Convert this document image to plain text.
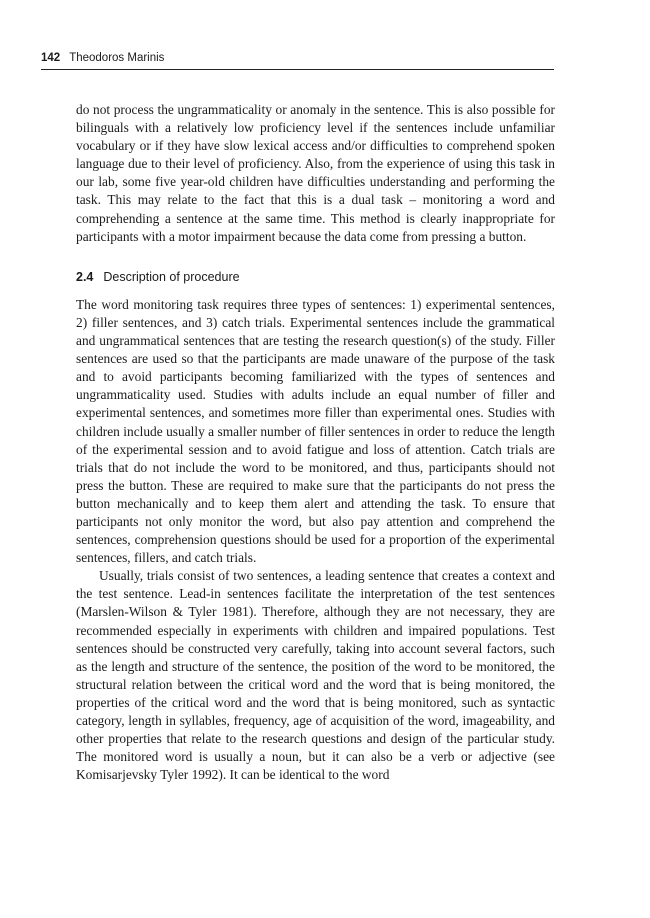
142 Theodoros Marinis

do not process the ungrammaticality or anomaly in the sentence. This is also possible for bilinguals with a relatively low proficiency level if the sentences include unfamiliar vocabulary or if they have slow lexical access and/or difficulties to comprehend spoken language due to their level of proficiency. Also, from the experience of using this task in our lab, some five year-old children have difficulties understanding and performing the task. This may relate to the fact that this is a dual task – monitoring a word and comprehending a sentence at the same time. This method is clearly inappropriate for participants with a motor impairment because the data come from pressing a button.

2.4 Description of procedure

The word monitoring task requires three types of sentences: 1) experimental sentences, 2) filler sentences, and 3) catch trials. Experimental sentences include the grammatical and ungrammatical sentences that are testing the research question(s) of the study. Filler sentences are used so that the participants are made unaware of the purpose of the task and to avoid participants becoming familiarized with the types of sentences and ungrammaticality used. Studies with adults include an equal number of filler and experimental sentences, and sometimes more filler than experimental ones. Studies with children include usually a smaller number of filler sentences in order to reduce the length of the experimental session and to avoid fatigue and loss of attention. Catch trials are trials that do not include the word to be monitored, and thus, participants should not press the button. These are required to make sure that the participants do not press the button mechanically and to keep them alert and attending the task. To ensure that participants not only monitor the word, but also pay attention and comprehend the sentences, comprehension questions should be used for a proportion of the experimental sentences, fillers, and catch trials.

Usually, trials consist of two sentences, a leading sentence that creates a context and the test sentence. Lead-in sentences facilitate the interpretation of the test sentences (Marslen-Wilson & Tyler 1981). Therefore, although they are not necessary, they are recommended especially in experiments with children and impaired populations. Test sentences should be constructed very carefully, taking into account several factors, such as the length and structure of the sentence, the position of the word to be monitored, the structural relation between the critical word and the word that is being monitored, the properties of the critical word and the word that is being monitored, such as syntactic category, length in syllables, frequency, age of acquisition of the word, imageability, and other properties that relate to the research questions and design of the particular study. The monitored word is usually a noun, but it can also be a verb or adjective (see Komisarjevsky Tyler 1992). It can be identical to the word
